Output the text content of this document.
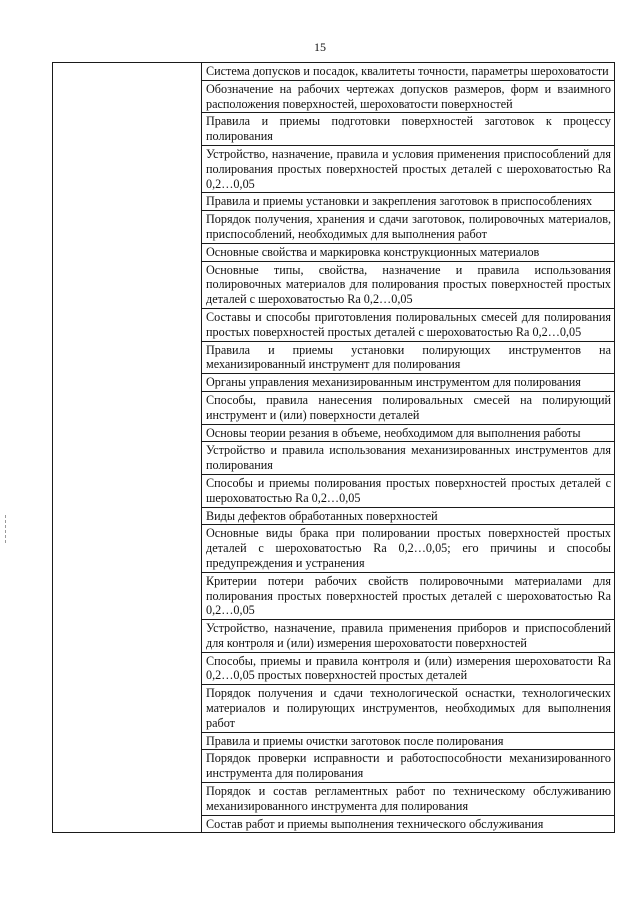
15
	Система допусков и посадок, квалитеты точности, параметры шероховатости
Обозначение на рабочих чертежах допусков размеров, форм и взаимного расположения поверхностей, шероховатости поверхностей
Правила и приемы подготовки поверхностей заготовок к процессу полирования
Устройство, назначение, правила и условия применения приспособлений для полирования простых поверхностей простых деталей с шероховатостью Ra 0,2…0,05
Правила и приемы установки и закрепления заготовок в приспособлениях
Порядок получения, хранения и сдачи заготовок, полировочных материалов, приспособлений, необходимых для выполнения работ
Основные свойства и маркировка конструкционных материалов
Основные типы, свойства, назначение и правила использования полировочных материалов для полирования простых поверхностей простых деталей с шероховатостью Ra 0,2…0,05
Составы и способы приготовления полировальных смесей для полирования простых поверхностей простых деталей с шероховатостью Ra 0,2…0,05
Правила и приемы установки полирующих инструментов на механизированный инструмент для полирования
Органы управления механизированным инструментом для полирования
Способы, правила нанесения полировальных смесей на полирующий инструмент и (или) поверхности деталей
Основы теории резания в объеме, необходимом для выполнения работы
Устройство и правила использования механизированных инструментов для полирования
Способы и приемы полирования простых поверхностей простых деталей с шероховатостью Ra 0,2…0,05
Виды дефектов обработанных поверхностей
Основные виды брака при полировании простых поверхностей простых деталей с шероховатостью Ra 0,2…0,05; его причины и способы предупреждения и устранения
Критерии потери рабочих свойств полировочными материалами для полирования простых поверхностей простых деталей с шероховатостью Ra 0,2…0,05
Устройство, назначение, правила применения приборов и приспособлений для контроля и (или) измерения шероховатости поверхностей
Способы, приемы и правила контроля и (или) измерения шероховатости Ra 0,2…0,05 простых поверхностей простых деталей
Порядок получения и сдачи технологической оснастки, технологических материалов и полирующих инструментов, необходимых для выполнения работ
Правила и приемы очистки заготовок после полирования
Порядок проверки исправности и работоспособности механизированного инструмента для полирования
Порядок и состав регламентных работ по техническому обслуживанию механизированного инструмента для полирования
Состав работ и приемы выполнения технического обслуживания
